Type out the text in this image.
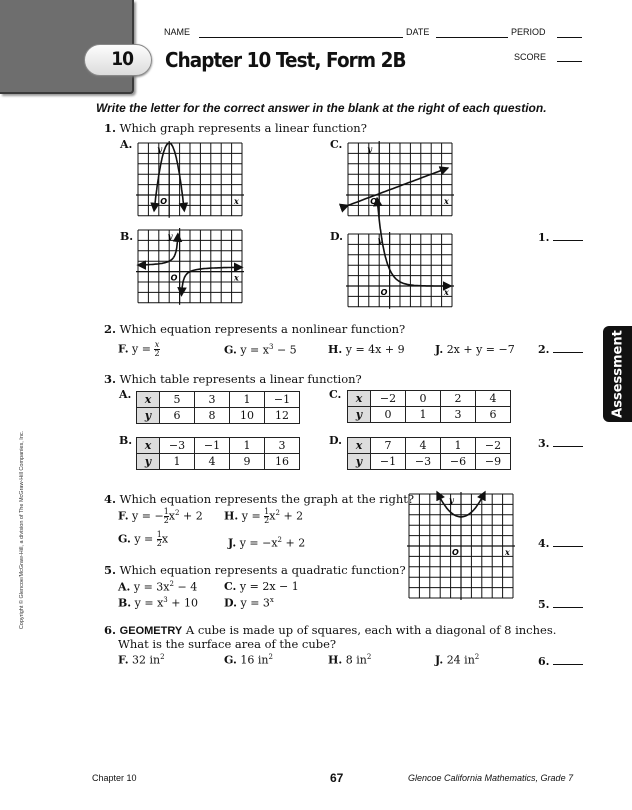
10	Chapter 10 Test, Form 2B
NAME	DATE	PERIOD
SCORE
Write the letter for the correct answer in the blank at the right of each question.
1. Which graph represents a linear function?
A.	C.
B.	D.
y
x
O
y
x
O
y
x
O
y
x
O
1.
2. Which equation represents a nonlinear function?
F. $y = \frac{x}{2}$	G. $y = x^3 - 5$	H. y = 4x + 9	J. 2x + y = −7 2.
3. Which table represents a linear function?
A. x	5	3	1	−1
y	6	8	10	12
C. x	−2	0	2	4
y	0	1	3	6
B. x	−3	−1	1	3
y	1	4	9	16
D. x	7	4	1	−2
y	−1	−3	−6	−9
3.
4. Which equation represents the graph at the right?
F. y = − $\frac{1}{2} x^2 + 2$ H. $y = \frac{1}{2} x^2 + 2$
G. $y = \frac{1}{2}$ x	J. $y = -x^2 + 2$
y
x
O
4.
5. Which equation represents a quadratic function?
A. $y = 3x^2 - 4$ C. y = 2x − 1
B. $y = x^3 + 10$ D. $y = 3^x$	5.
6. GEOMETRY A cube is made up of squares, each with a diagonal of 8 inches.
What is the surface area of the cube?
F. 32 $in^2$	G. 16 $in^2$	H. 8 $in^2$	J. 24 $in^2$	6.
Assessment
Copyright © Glencoe/McGraw-Hill, a division of The McGraw-Hill Companies, Inc.
Chapter 10	67	Glencoe California Mathematics, Grade 7
